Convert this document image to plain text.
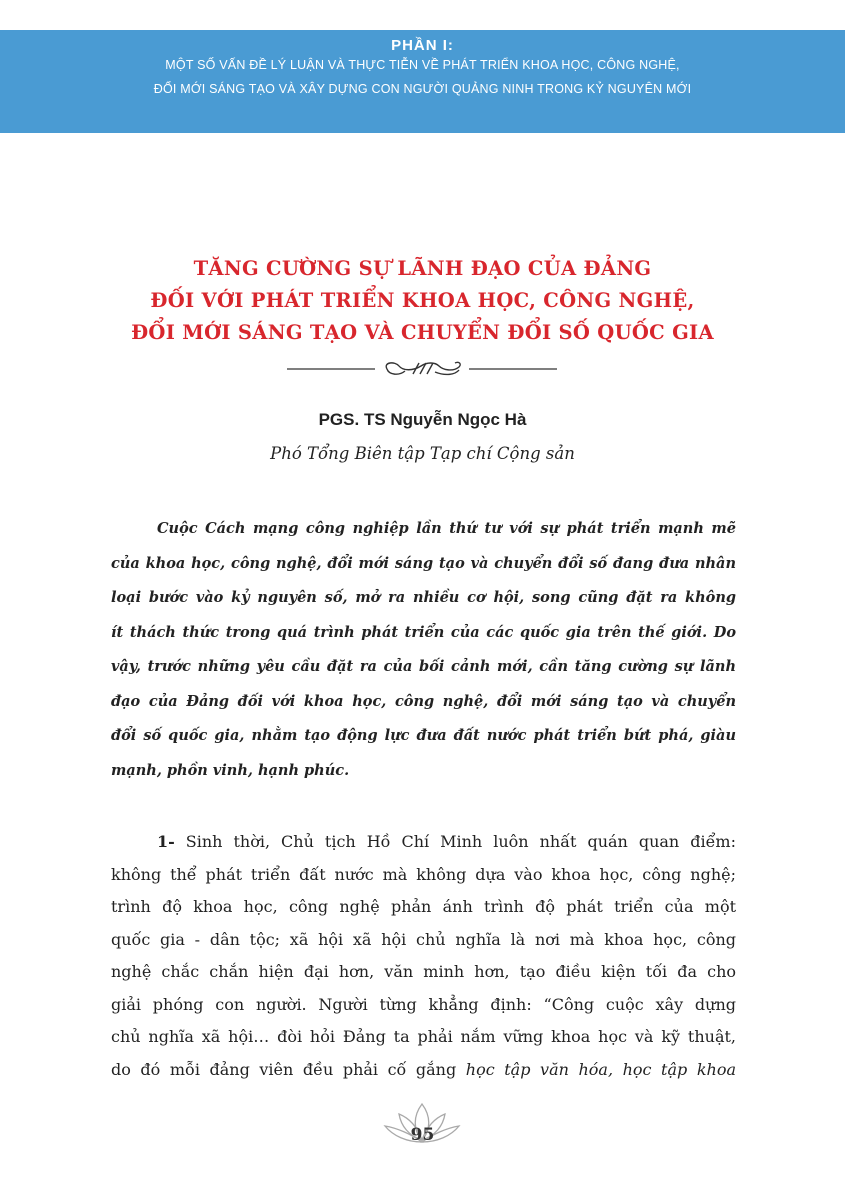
PHẦN I:
MỘT SỐ VẤN ĐỀ LÝ LUẬN VÀ THỰC TIỄN VỀ PHÁT TRIỂN KHOA HỌC, CÔNG NGHỆ,
ĐỔI MỚI SÁNG TẠO VÀ XÂY DỰNG CON NGƯỜI QUẢNG NINH TRONG KỶ NGUYÊN MỚI
TĂNG CƯỜNG SỰ LÃNH ĐẠO CỦA ĐẢNG
ĐỐI VỚI PHÁT TRIỂN KHOA HỌC, CÔNG NGHỆ,
ĐỔI MỚI SÁNG TẠO VÀ CHUYỂN ĐỔI SỐ QUỐC GIA
PGS. TS Nguyễn Ngọc Hà
Phó Tổng Biên tập Tạp chí Cộng sản
Cuộc Cách mạng công nghiệp lần thứ tư với sự phát triển mạnh mẽ
của khoa học, công nghệ, đổi mới sáng tạo và chuyển đổi số đang đưa nhân
loại bước vào kỷ nguyên số, mở ra nhiều cơ hội, song cũng đặt ra không
ít thách thức trong quá trình phát triển của các quốc gia trên thế giới. Do
vậy, trước những yêu cầu đặt ra của bối cảnh mới, cần tăng cường sự lãnh
đạo của Đảng đối với khoa học, công nghệ, đổi mới sáng tạo và chuyển
đổi số quốc gia, nhằm tạo động lực đưa đất nước phát triển bứt phá, giàu
mạnh, phồn vinh, hạnh phúc.
1- Sinh thời, Chủ tịch Hồ Chí Minh luôn nhất quán quan điểm:
không thể phát triển đất nước mà không dựa vào khoa học, công nghệ;
trình độ khoa học, công nghệ phản ánh trình độ phát triển của một
quốc gia - dân tộc; xã hội xã hội chủ nghĩa là nơi mà khoa học, công
nghệ chắc chắn hiện đại hơn, văn minh hơn, tạo điều kiện tối đa cho
giải phóng con người. Người từng khẳng định: “Công cuộc xây dựng
chủ nghĩa xã hội… đòi hỏi Đảng ta phải nắm vững khoa học và kỹ thuật,
do đó mỗi đảng viên đều phải cố gắng học tập văn hóa, học tập khoa
95
